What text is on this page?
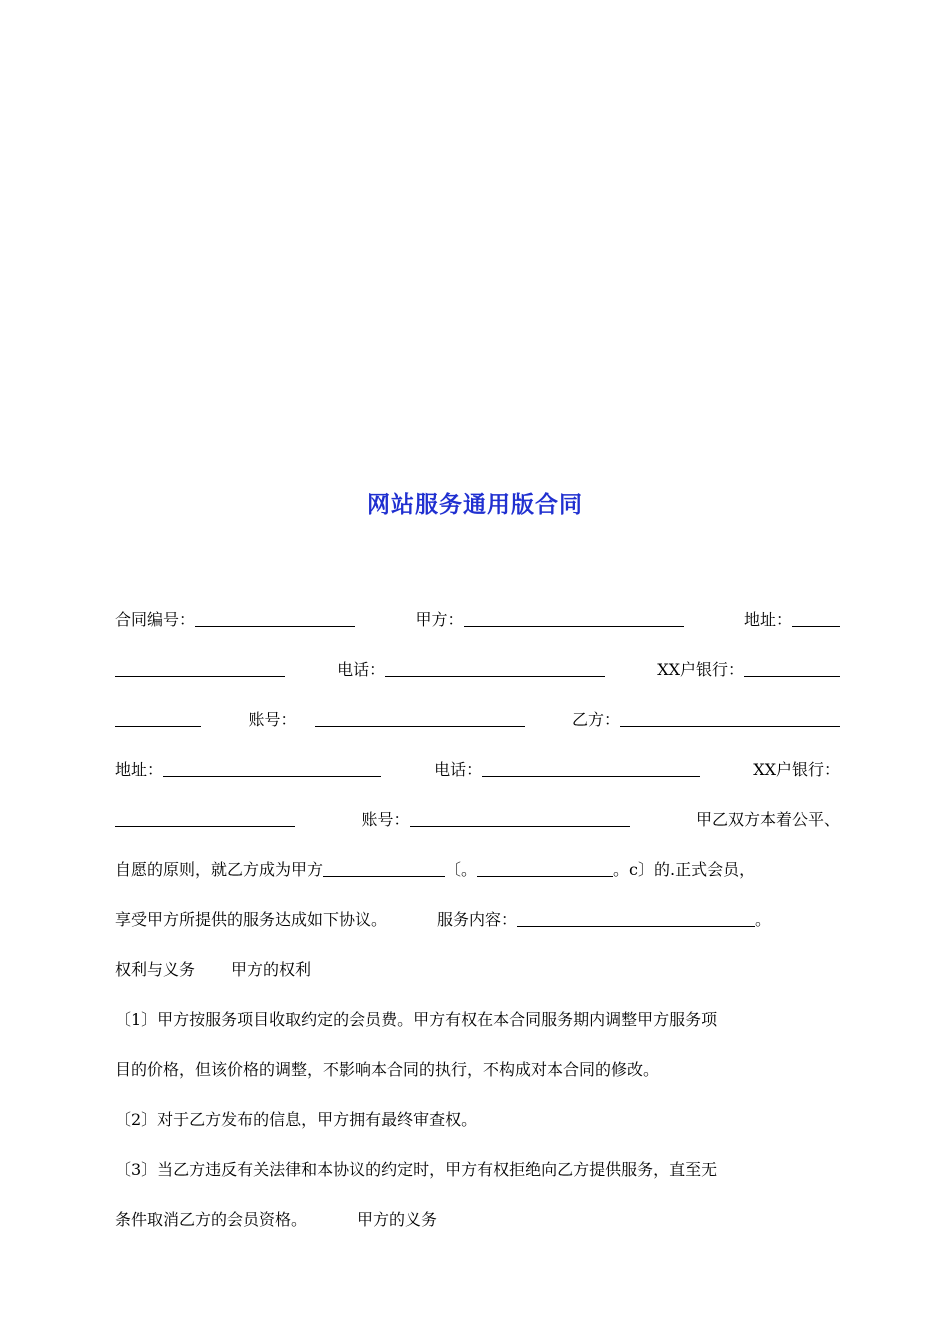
网站服务通用版合同
合同编号：	甲方：	地址：
电话：	XX户银行：
账号：	乙方：
地址：	电话：	XX户银行：
账号：	甲乙双方本着公平、
自愿的原则，就乙方成为甲方	〔。	。c〕的.正式会员，
享受甲方所提供的服务达成如下协议。	服务内容：	。
权利与义务 甲方的权利
〔1〕甲方按服务项目收取约定的会员费。甲方有权在本合同服务期内调整甲方服务项
目的价格，但该价格的调整，不影响本合同的执行，不构成对本合同的修改。
〔2〕对于乙方发布的信息，甲方拥有最终审查权。
〔3〕当乙方违反有关法律和本协议的约定时，甲方有权拒绝向乙方提供服务，直至无
条件取消乙方的会员资格。	甲方的义务
